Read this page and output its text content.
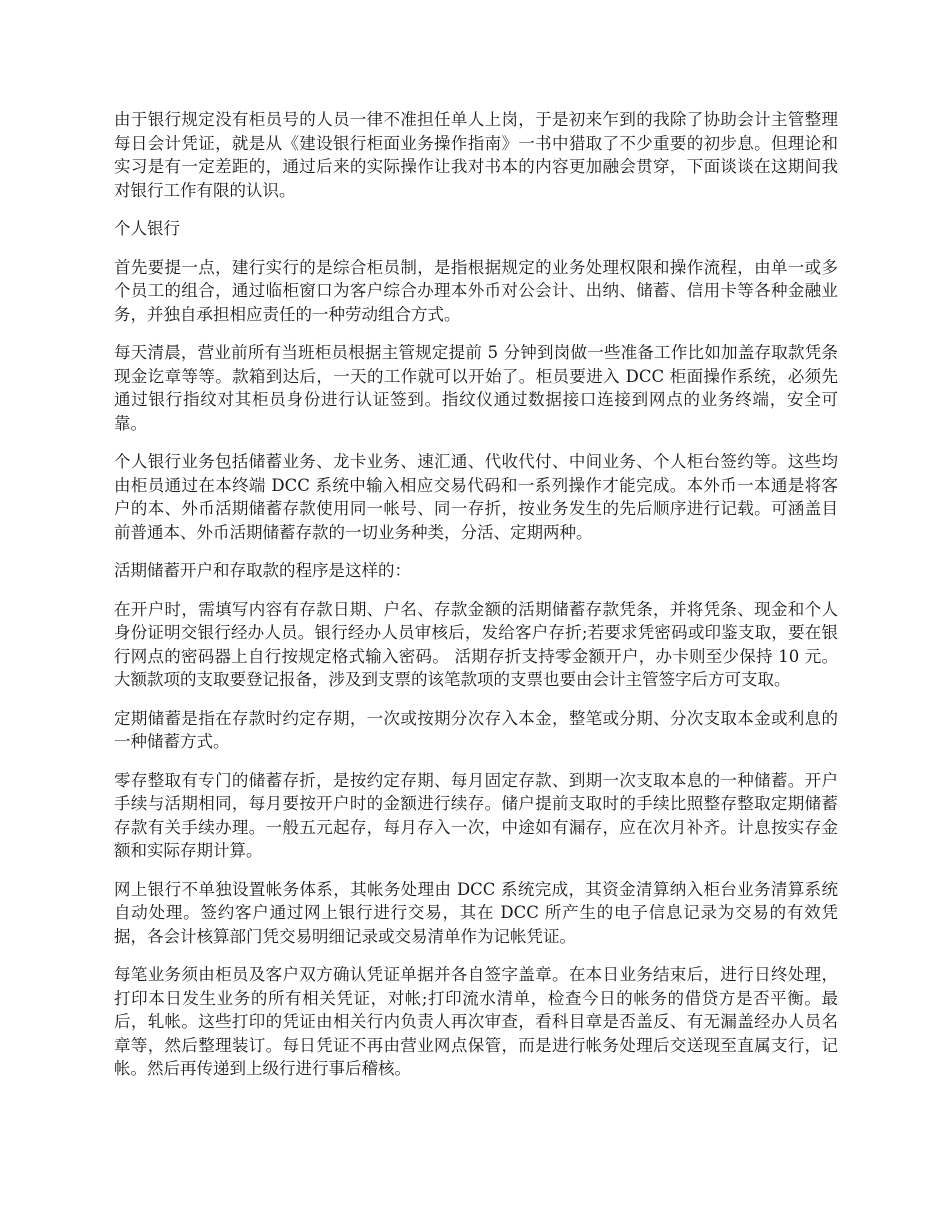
由于银行规定没有柜员号的人员一律不准担任单人上岗，于是初来乍到的我除了协助会计主管整理每日会计凭证，就是从《建设银行柜面业务操作指南》一书中猎取了不少重要的初步息。但理论和实习是有一定差距的，通过后来的实际操作让我对书本的内容更加融会贯穿，下面谈谈在这期间我对银行工作有限的认识。

个人银行

首先要提一点，建行实行的是综合柜员制，是指根据规定的业务处理权限和操作流程，由单一或多个员工的组合，通过临柜窗口为客户综合办理本外币对公会计、出纳、储蓄、信用卡等各种金融业务，并独自承担相应责任的一种劳动组合方式。

每天清晨，营业前所有当班柜员根据主管规定提前 5 分钟到岗做一些准备工作比如加盖存取款凭条现金讫章等等。款箱到达后，一天的工作就可以开始了。柜员要进入 DCC 柜面操作系统，必须先通过银行指纹对其柜员身份进行认证签到。指纹仪通过数据接口连接到网点的业务终端，安全可靠。

个人银行业务包括储蓄业务、龙卡业务、速汇通、代收代付、中间业务、个人柜台签约等。这些均由柜员通过在本终端 DCC 系统中输入相应交易代码和一系列操作才能完成。本外币一本通是将客户的本、外币活期储蓄存款使用同一帐号、同一存折，按业务发生的先后顺序进行记载。可涵盖目前普通本、外币活期储蓄存款的一切业务种类，分活、定期两种。

活期储蓄开户和存取款的程序是这样的：

在开户时，需填写内容有存款日期、户名、存款金额的活期储蓄存款凭条，并将凭条、现金和个人身份证明交银行经办人员。银行经办人员审核后，发给客户存折;若要求凭密码或印鉴支取，要在银行网点的密码器上自行按规定格式输入密码。 活期存折支持零金额开户，办卡则至少保持 10 元。大额款项的支取要登记报备，涉及到支票的该笔款项的支票也要由会计主管签字后方可支取。

定期储蓄是指在存款时约定存期，一次或按期分次存入本金，整笔或分期、分次支取本金或利息的一种储蓄方式。

零存整取有专门的储蓄存折，是按约定存期、每月固定存款、到期一次支取本息的一种储蓄。开户手续与活期相同，每月要按开户时的金额进行续存。储户提前支取时的手续比照整存整取定期储蓄存款有关手续办理。一般五元起存，每月存入一次，中途如有漏存，应在次月补齐。计息按实存金额和实际存期计算。

网上银行不单独设置帐务体系，其帐务处理由 DCC 系统完成，其资金清算纳入柜台业务清算系统自动处理。签约客户通过网上银行进行交易，其在 DCC 所产生的电子信息记录为交易的有效凭据，各会计核算部门凭交易明细记录或交易清单作为记帐凭证。

每笔业务须由柜员及客户双方确认凭证单据并各自签字盖章。在本日业务结束后，进行日终处理，打印本日发生业务的所有相关凭证，对帐;打印流水清单，检查今日的帐务的借贷方是否平衡。最后，轧帐。这些打印的凭证由相关行内负责人再次审查，看科目章是否盖反、有无漏盖经办人员名章等，然后整理装订。每日凭证不再由营业网点保管，而是进行帐务处理后交送现至直属支行，记帐。然后再传递到上级行进行事后稽核。
